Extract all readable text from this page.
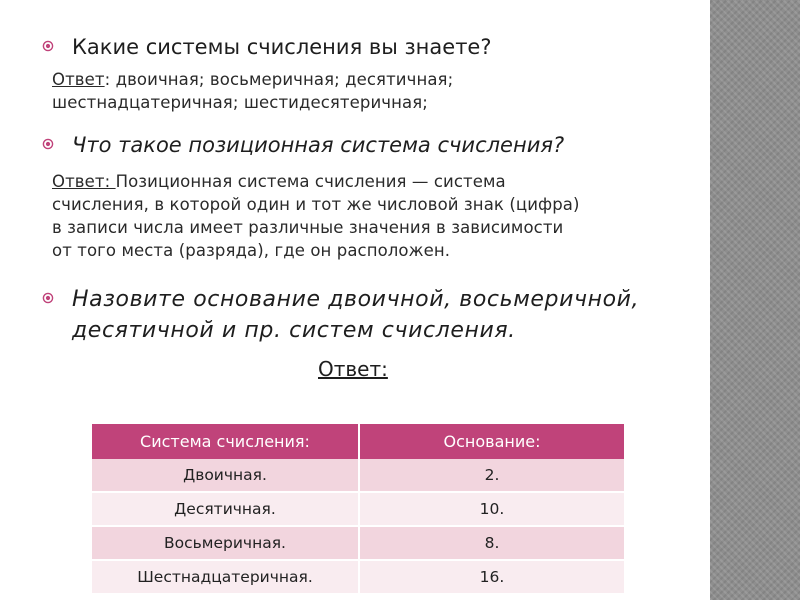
Какие системы счисления вы знаете?
Ответ: двоичная; восьмеричная; десятичная;
шестнадцатеричная; шестидесятеричная;
Что такое позиционная система счисления?
Ответ: Позиционная система счисления — система
счисления, в которой один и тот же числовой знак (цифра)
в записи числа имеет различные значения в зависимости
от того места (разряда), где он расположен.
Назовите основание двоичной, восьмеричной,
десятичной и пр. систем счисления.
Ответ:
Система счисления:	Основание:
Двоичная.	2.
Десятичная.	10.
Восьмеричная.	8.
Шестнадцатеричная.	16.
